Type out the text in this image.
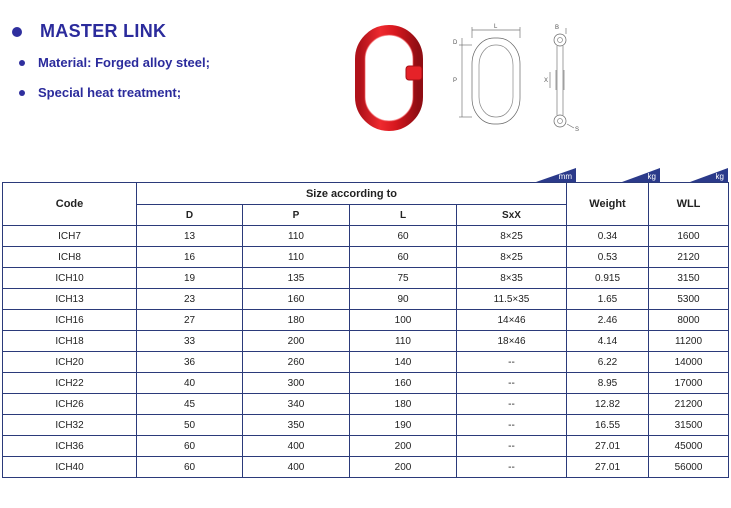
MASTER LINK
Material: Forged alloy steel;
Special heat treatment;
L
D
P
B
X
S
mm	kg	kg
Code	Size according to				Weight	WLL
	D	P	L	SxX		
ICH7	13	110	60	8×25	0.34	1600
ICH8	16	110	60	8×25	0.53	2120
ICH10	19	135	75	8×35	0.915	3150
ICH13	23	160	90	11.5×35	1.65	5300
ICH16	27	180	100	14×46	2.46	8000
ICH18	33	200	110	18×46	4.14	11200
ICH20	36	260	140	--	6.22	14000
ICH22	40	300	160	--	8.95	17000
ICH26	45	340	180	--	12.82	21200
ICH32	50	350	190	--	16.55	31500
ICH36	60	400	200	--	27.01	45000
ICH40	60	400	200	--	27.01	56000
